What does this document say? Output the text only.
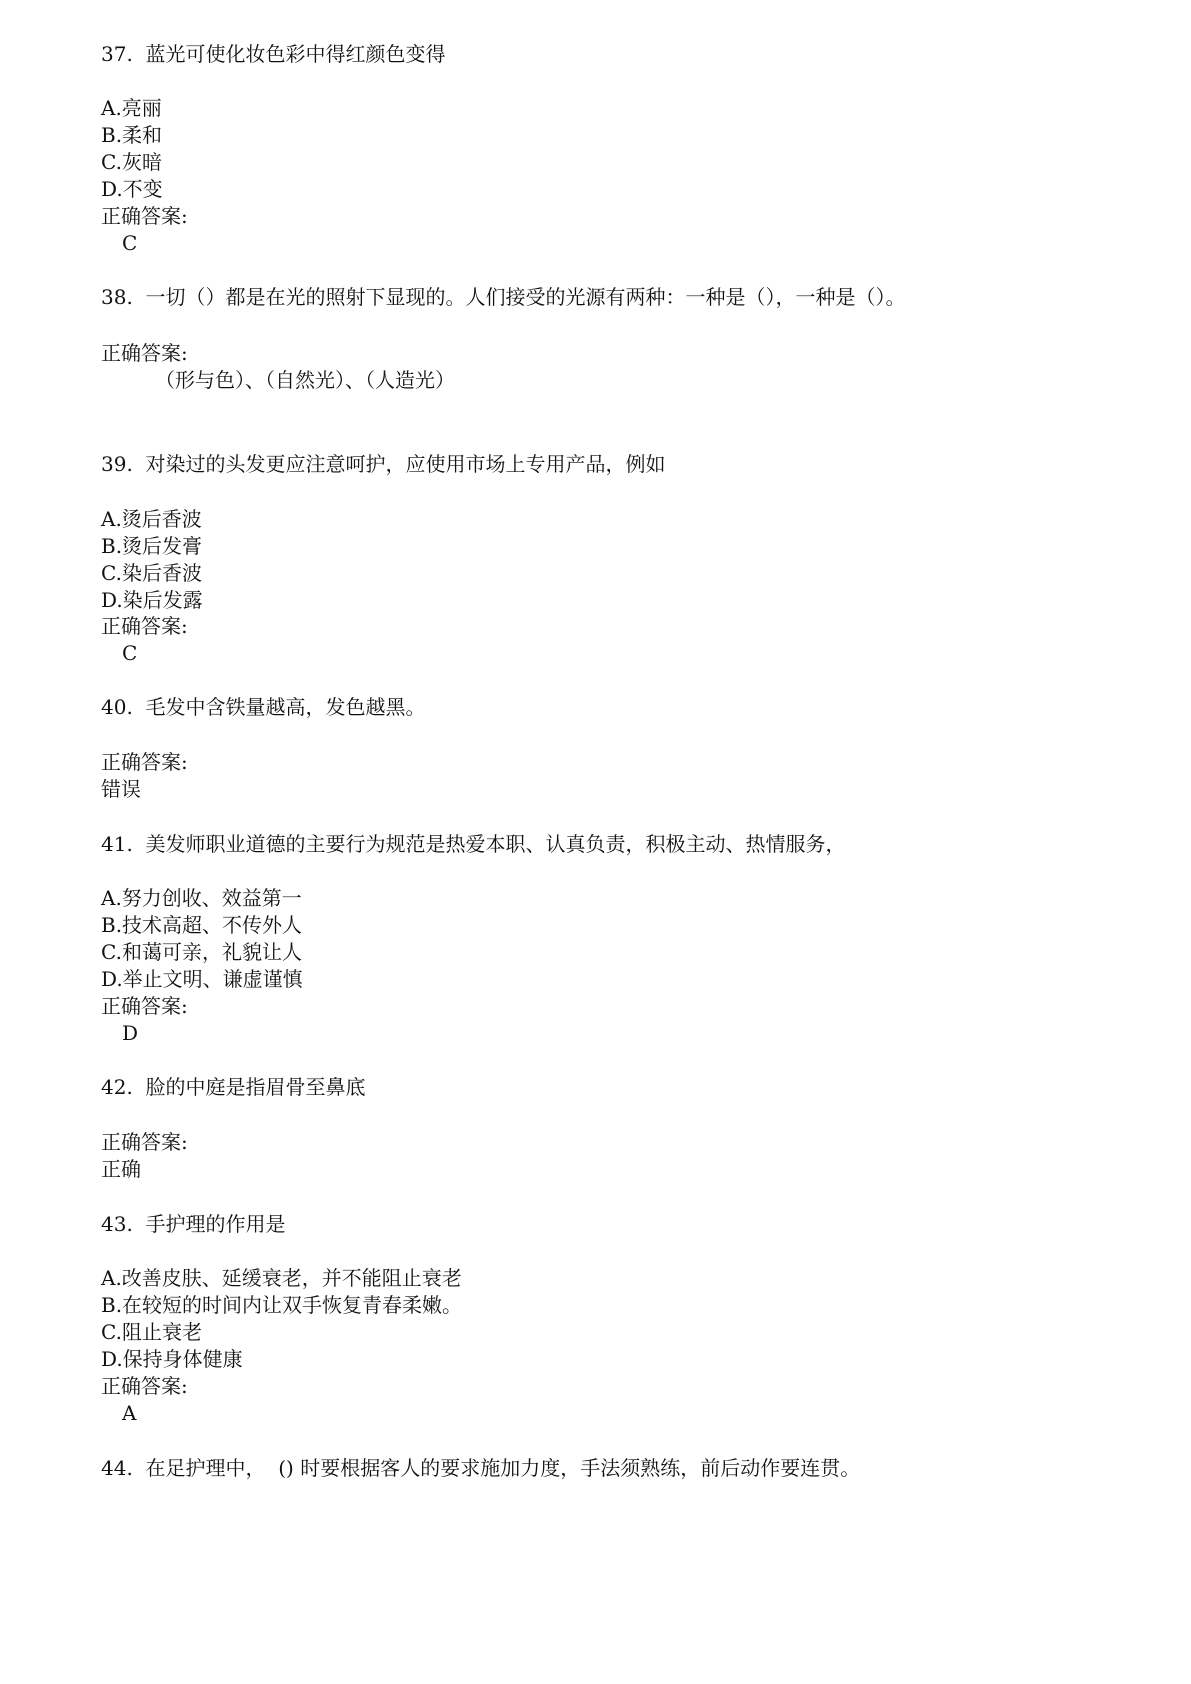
37. 蓝光可使化妆色彩中得红颜色变得
A.亮丽
B.柔和
C.灰暗
D.不变
正确答案:
C
38. 一切（）都是在光的照射下显现的。人们接受的光源有两种：一种是（），一种是（）。
正确答案:
（形与色）、（自然光）、（人造光）
39. 对染过的头发更应注意呵护，应使用市场上专用产品，例如
A.烫后香波
B.烫后发膏
C.染后香波
D.染后发露
正确答案:
C
40. 毛发中含铁量越高，发色越黑。
正确答案:
错误
41. 美发师职业道德的主要行为规范是热爱本职、认真负责，积极主动、热情服务，
A.努力创收、效益第一
B.技术高超、不传外人
C.和蔼可亲，礼貌让人
D.举止文明、谦虚谨慎
正确答案:
D
42. 脸的中庭是指眉骨至鼻底
正确答案:
正确
43. 手护理的作用是
A.改善皮肤、延缓衰老，并不能阻止衰老
B.在较短的时间内让双手恢复青春柔嫩。
C.阻止衰老
D.保持身体健康
正确答案:
A
44. 在足护理中，  () 时要根据客人的要求施加力度，手法须熟练，前后动作要连贯。
